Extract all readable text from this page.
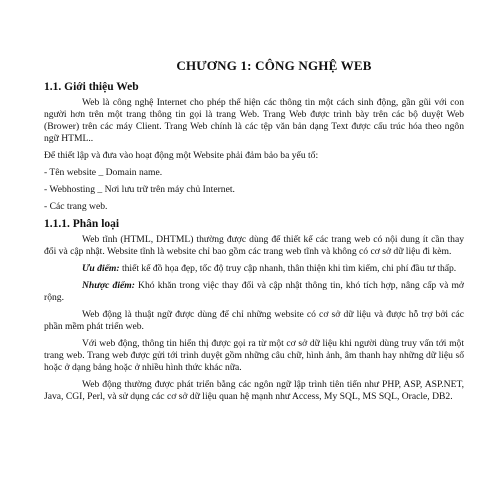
CHƯƠNG 1: CÔNG NGHỆ WEB
1.1. Giới thiệu Web

Web là công nghệ Internet cho phép thể hiện các thông tin một cách sinh động, gần gũi với con người hơn trên một trang thông tin gọi là trang Web. Trang Web được trình bày trên các bộ duyệt Web (Brower) trên các máy Client. Trang Web chính là các tệp văn bản dạng Text được cấu trúc hóa theo ngôn ngữ HTML..

Để thiết lập và đưa vào hoạt động một Website phải đảm bảo ba yếu tố:

- Tên website _ Domain name.

- Webhosting _ Nơi lưu trữ trên máy chủ Internet.

- Các trang web.

1.1.1. Phân loại

Web tĩnh (HTML, DHTML) thường được dùng để thiết kế các trang web có nội dung ít cần thay đổi và cập nhật. Website tĩnh là website chỉ bao gồm các trang web tĩnh và không có cơ sở dữ liệu đi kèm.

Ưu điểm: thiết kế đồ họa đẹp, tốc độ truy cập nhanh, thân thiện khi tìm kiếm, chi phí đầu tư thấp.

Nhược điểm: Khó khăn trong việc thay đổi và cập nhật thông tin, khó tích hợp, nâng cấp và mở rộng.

Web động là thuật ngữ được dùng để chỉ những website có cơ sở dữ liệu và được hỗ trợ bởi các phần mềm phát triển web.

Với web động, thông tin hiển thị được gọi ra từ một cơ sở dữ liệu khi người dùng truy vấn tới một trang web. Trang web được gửi tới trình duyệt gồm những câu chữ, hình ảnh, âm thanh hay những dữ liệu số hoặc ở dạng bảng hoặc ở nhiều hình thức khác nữa.

Web động thường được phát triển bằng các ngôn ngữ lập trình tiên tiến như PHP, ASP, ASP.NET, Java, CGI, Perl, và sử dụng các cơ sở dữ liệu quan hệ mạnh như Access, My SQL, MS SQL, Oracle, DB2.
